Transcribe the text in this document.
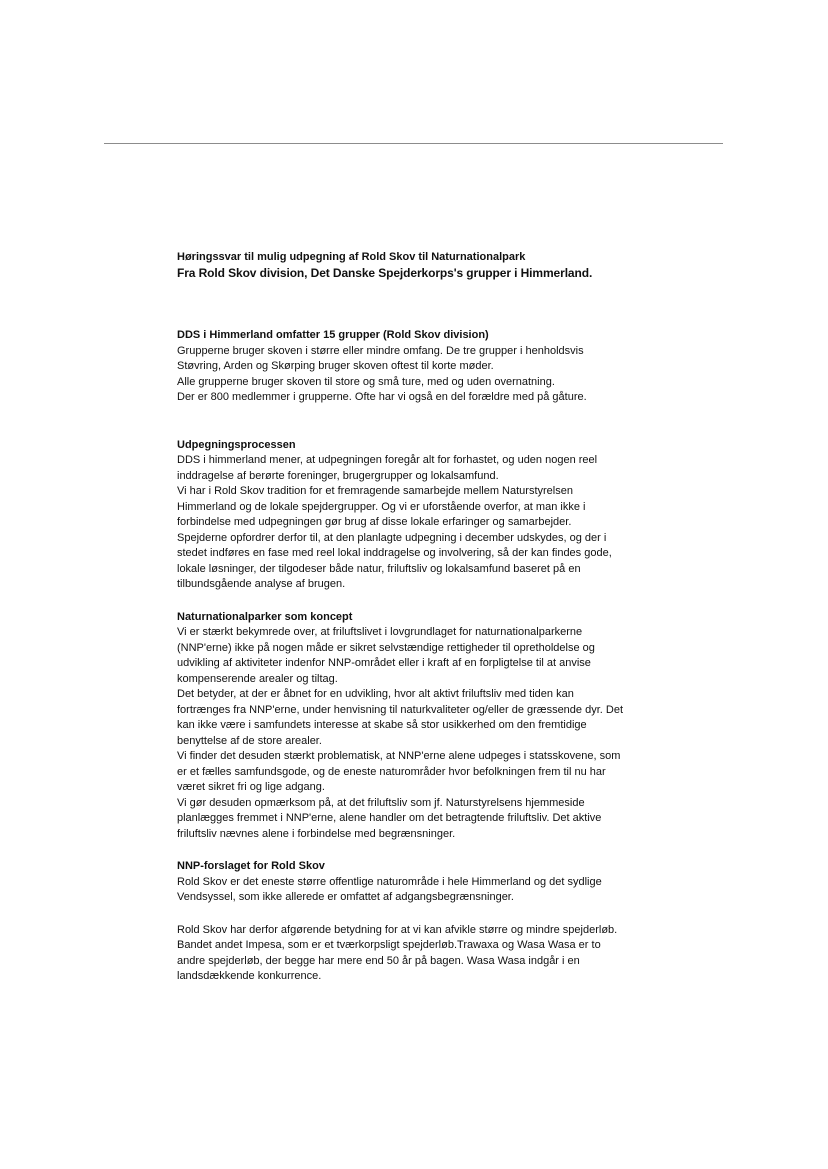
Høringssvar til mulig udpegning af Rold Skov til Naturnationalpark
Fra Rold Skov division, Det Danske Spejderkorps's grupper i Himmerland.
DDS i Himmerland omfatter 15 grupper (Rold Skov division)
Grupperne bruger skoven i større eller mindre omfang. De tre grupper i henholdsvis
Støvring, Arden og Skørping bruger skoven oftest til korte møder.
Alle grupperne bruger skoven til store og små ture, med og uden overnatning.
Der er 800 medlemmer i grupperne. Ofte har vi også en del forældre med på gåture.
Udpegningsprocessen
DDS i himmerland mener, at udpegningen foregår alt for forhastet, og uden nogen reel
inddragelse af berørte foreninger, brugergrupper og lokalsamfund.
Vi har i Rold Skov tradition for et fremragende samarbejde mellem Naturstyrelsen
Himmerland og de lokale spejdergrupper. Og vi er uforstående overfor, at man ikke i
forbindelse med udpegningen gør brug af disse lokale erfaringer og samarbejder.
Spejderne opfordrer derfor til, at den planlagte udpegning i december udskydes, og der i
stedet indføres en fase med reel lokal inddragelse og involvering, så der kan findes gode,
lokale løsninger, der tilgodeser både natur, friluftsliv og lokalsamfund baseret på en
tilbundsgående analyse af brugen.
Naturnationalparker som koncept
Vi er stærkt bekymrede over, at friluftslivet i lovgrundlaget for naturnationalparkerne
(NNP'erne) ikke på nogen måde er sikret selvstændige rettigheder til opretholdelse og
udvikling af aktiviteter indenfor NNP-område​t eller i kraft af en forpligtelse til at anvise
kompenserende arealer og tiltag.
Det betyder, at der er åbnet for en udvikling, hvor alt aktivt friluftsliv med tiden kan
fortrænges fra NNP'erne, under henvisning til naturkvaliteter og/eller de græssende dyr. Det
kan ikke være i samfundets interesse at skabe så stor usikkerhed om den fremtidige
benyttelse af de store arealer.
Vi finder det desuden stærkt problematisk, at NNP'erne alene udpeges i statsskovene, som
er et fælles samfundsgode, og de eneste naturområder hvor befolkningen frem til nu har
været sikret fri og lige adgang.
Vi gør desuden opmærksom på, at det friluftsliv som jf. Naturstyrelsens hjemmeside
planlægges fremmet i NNP'erne, alene handler om det betragtende friluftsliv. Det aktive
friluftsliv nævnes alene i forbindelse med begrænsninger.
NNP-forslaget for Rold Skov
Rold Skov er det eneste større offentlige naturområde i hele Himmerland og det sydlige
Vendsyssel, som ikke allerede er omfattet af adgangsbegrænsninger.
Rold Skov har derfor afgørende betydning for at vi kan afvikle større og mindre spejderløb.
Bandet andet Impesa, som er et tværkorpsligt spejderløb.Trawaxa og Wasa Wasa er to
andre spejderløb, der begge har mere end 50 år på bagen. Wasa Wasa indgår i en
landsdækkende konkurrence.
